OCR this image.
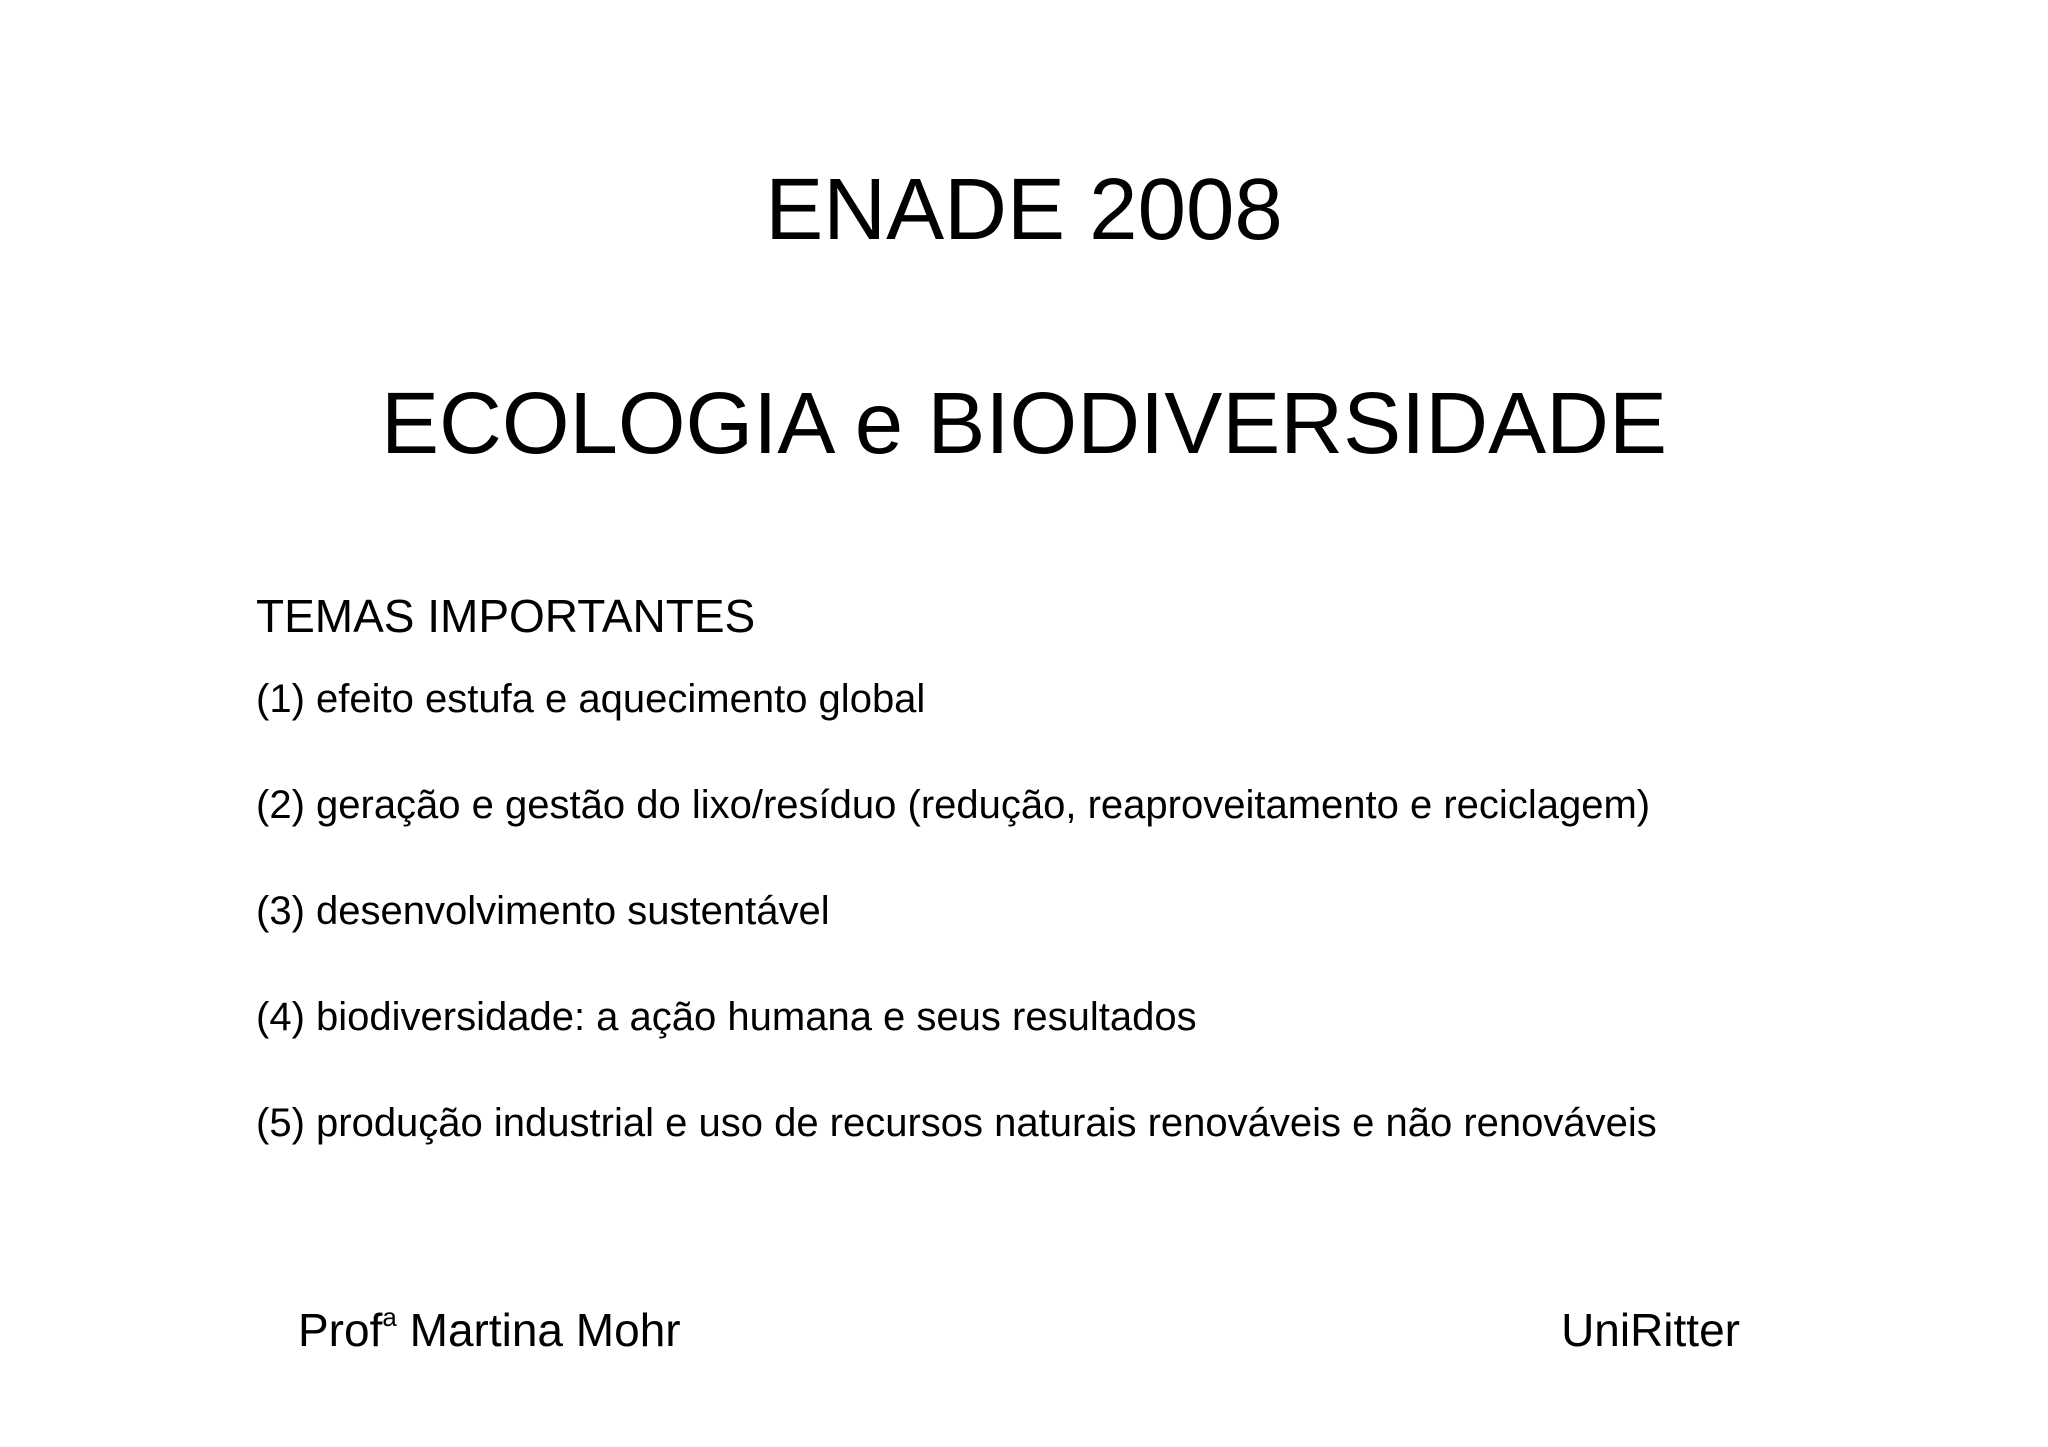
ENADE 2008
ECOLOGIA e BIODIVERSIDADE
TEMAS IMPORTANTES
(1) efeito estufa e aquecimento global
(2) geração e gestão do lixo/resíduo (redução, reaproveitamento e reciclagem)
(3) desenvolvimento sustentável
(4) biodiversidade: a ação humana e seus resultados
(5) produção industrial e uso de recursos naturais renováveis e não renováveis
Prof$^a$ Martina Mohr	UniRitter
